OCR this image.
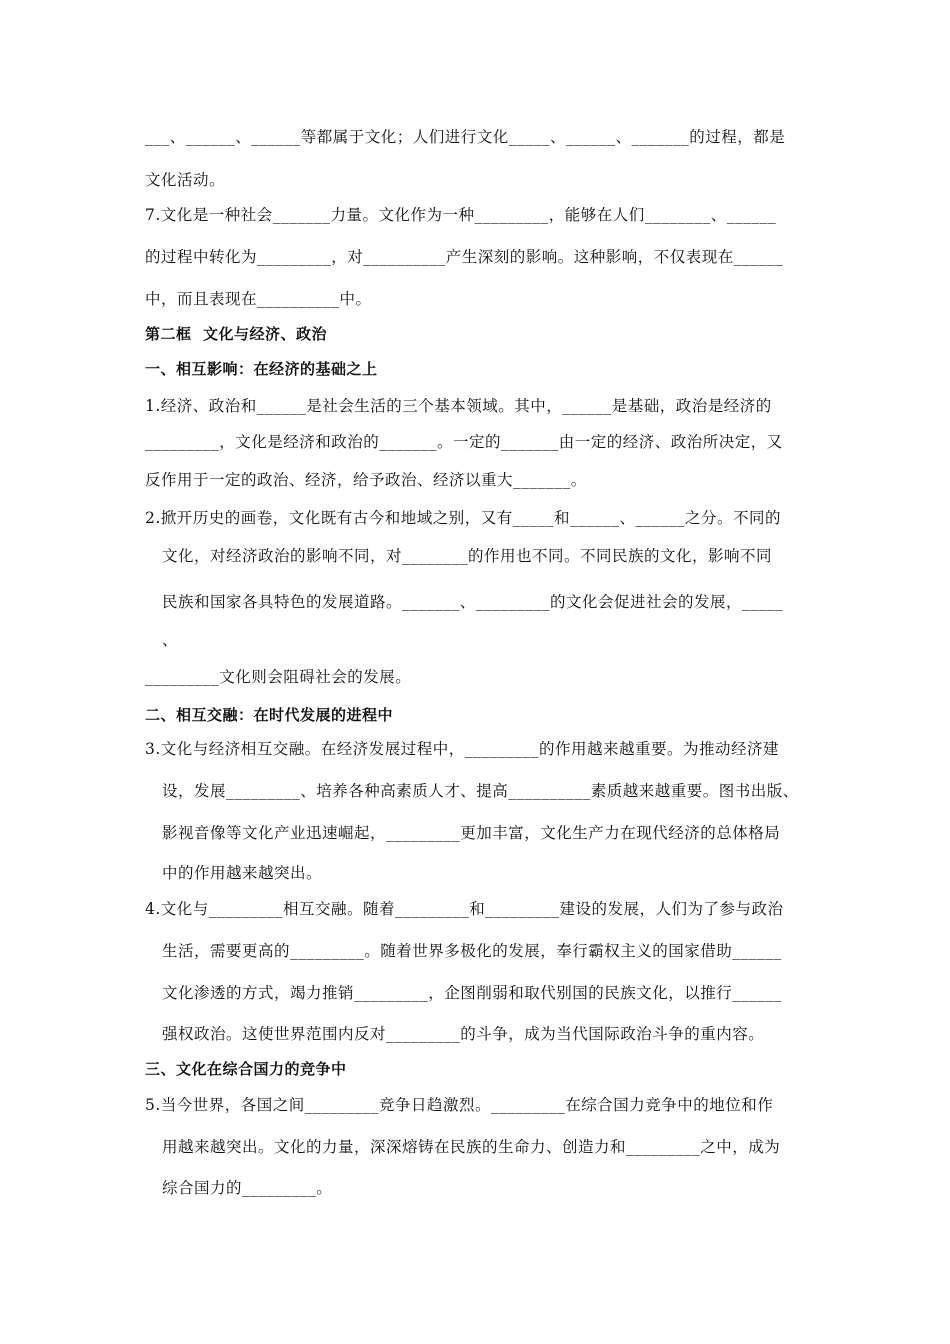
___、______、______等都属于文化；人们进行文化_____、______、_______的过程，都是
文化活动。
7.文化是一种社会_______力量。文化作为一种_________，能够在人们________、______
的过程中转化为_________，对__________产生深刻的影响。这种影响，不仅表现在______
中，而且表现在__________中。
第二框  文化与经济、政治
一、相互影响：在经济的基础之上
1.经济、政治和______是社会生活的三个基本领域。其中，______是基础，政治是经济的
_________，文化是经济和政治的_______。一定的_______由一定的经济、政治所决定，又
反作用于一定的政治、经济，给予政治、经济以重大_______。
2.掀开历史的画卷，文化既有古今和地域之别，又有_____和______、______之分。不同的
文化，对经济政治的影响不同，对________的作用也不同。不同民族的文化，影响不同
民族和国家各具特色的发展道路。_______、_________的文化会促进社会的发展，_____
、
_________文化则会阻碍社会的发展。
二、相互交融：在时代发展的进程中
3.文化与经济相互交融。在经济发展过程中，_________的作用越来越重要。为推动经济建
设，发展_________、培养各种高素质人才、提高__________素质越来越重要。图书出版、
影视音像等文化产业迅速崛起，_________更加丰富，文化生产力在现代经济的总体格局
中的作用越来越突出。
4.文化与_________相互交融。随着_________和_________建设的发展，人们为了参与政治
生活，需要更高的_________。随着世界多极化的发展，奉行霸权主义的国家借助______
文化渗透的方式，竭力推销_________，企图削弱和取代别国的民族文化，以推行______
强权政治。这使世界范围内反对_________的斗争，成为当代国际政治斗争的重内容。
三、文化在综合国力的竞争中
5.当今世界，各国之间_________竞争日趋激烈。_________在综合国力竞争中的地位和作
用越来越突出。文化的力量，深深熔铸在民族的生命力、创造力和_________之中，成为
综合国力的_________。
